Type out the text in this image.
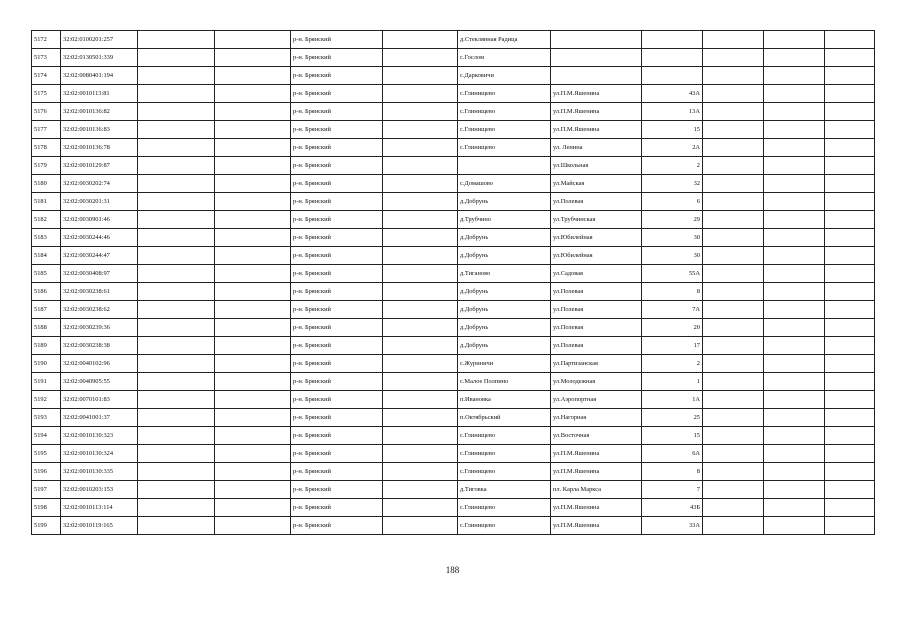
5172	32:02:0100201:257			р-н. Брянский		д.Стеклянная Радица					
5173	32:02:0130501:339			р-н. Брянский		с.Гослом					
5174	32:02:0080401:194			р-н. Брянский		с.Дарковичи					
5175	32:02:0010113:81			р-н. Брянский		с.Глинищево	ул.П.М.Яшенина	43А			
5176	32:02:0010136:82			р-н. Брянский		с.Глинищево	ул.П.М.Яшенина	13А			
5177	32:02:0010136:83			р-н. Брянский		с.Глинищево	ул.П.М.Яшенина	15			
5178	32:02:0010136:78			р-н. Брянский		с.Глинищево	ул. Ленина	2А			
5179	32:02:0010129:87			р-н. Брянский			ул.Школьная	2			
5180	32:02:0030202:74			р-н. Брянский		с.Домашово	ул.Майская	32			
5181	32:02:0030201:31			р-н. Брянский		д.Добрунь	ул.Полевая	6			
5182	32:02:0030901:46			р-н. Брянский		д.Трубчино	ул.Трубчинская	29			
5183	32:02:0030244:46			р-н. Брянский		д.Добрунь	ул.Юбилейная	30			
5184	32:02:0030244:47			р-н. Брянский		д.Добрунь	ул.Юбилейная	30			
5185	32:02:0030408:97			р-н. Брянский		д.Тиганово	ул.Садовая	55А			
5186	32:02:0030238:61			р-н. Брянский		д.Добрунь	ул.Полевая	8			
5187	32:02:0030238:62			р-н. Брянский		д.Добрунь	ул.Полевая	7А			
5188	32:02:0030239:36			р-н. Брянский		д.Добрунь	ул.Полевая	20			
5189	32:02:0030238:38			р-н. Брянский		д.Добрунь	ул.Полевая	17			
5190	32:02:0040102:96			р-н. Брянский		с.Журиничи	ул.Партизанская	2			
5191	32:02:0040905:55			р-н. Брянский		с.Малое Полпино	ул.Молодежная	1			
5192	32:02:0070101:83			р-н. Брянский		п.Ивановка	ул.Аэропортная	1А			
5193	32:02:0041001:37			р-н. Брянский		п.Октябрьский	ул.Нагорная	25			
5194	32:02:0010130:323			р-н. Брянский		с.Глинищево	ул.Восточная	15			
5195	32:02:0010130:324			р-н. Брянский		с.Глинищево	ул.П.М.Яшенина	6А			
5196	32:02:0010130:335			р-н. Брянский		с.Глинищево	ул.П.М.Яшенина	8			
5197	32:02:0010203:153			р-н. Брянский		д.Тиговка	пл. Карла Маркса	7			
5198	32:02:0010113:114			р-н. Брянский		с.Глинищево	ул.П.М.Яшенина	43Б			
5199	32:02:0010119:165			р-н. Брянский		с.Глинищево	ул.П.М.Яшенина	33А			
188
